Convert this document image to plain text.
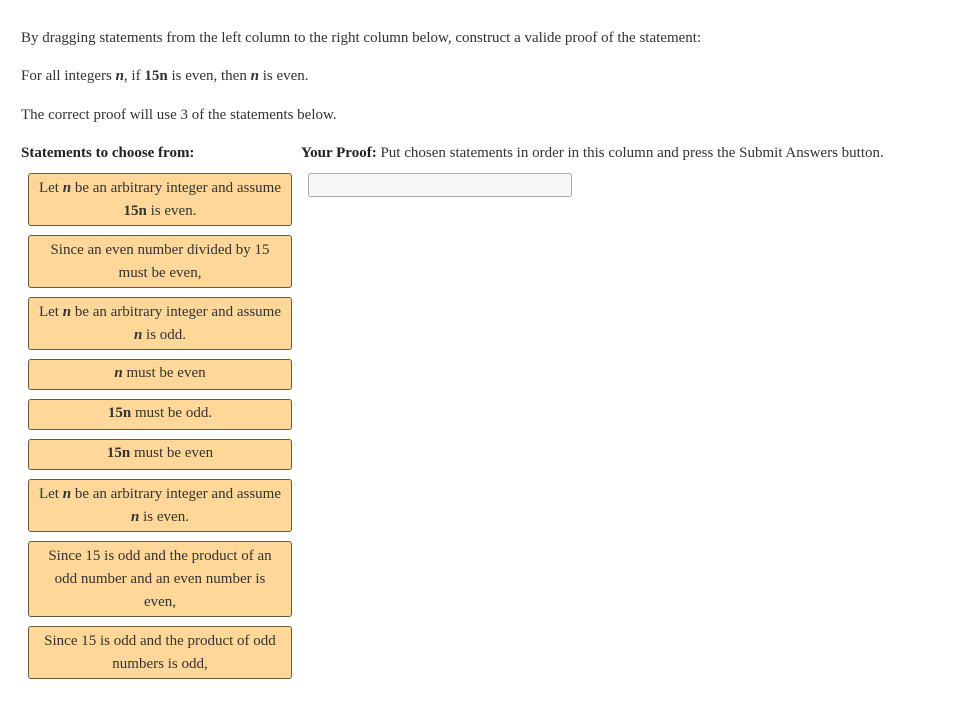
By dragging statements from the left column to the right column below, construct a valide proof of the statement:

For all integers n, if 15n is even, then n is even.

The correct proof will use 3 of the statements below.

Statements to choose from:	Your Proof: Put chosen statements in order in this column and press the Submit Answers button.
Let n be an arbitrary integer and assume 15n is even.
Since an even number divided by 15 must be even,
Let n be an arbitrary integer and assume n is odd.
n must be even
15n must be odd.
15n must be even
Let n be an arbitrary integer and assume n is even.
Since 15 is odd and the product of an odd number and an even number is even,
Since 15 is odd and the product of odd numbers is odd,
